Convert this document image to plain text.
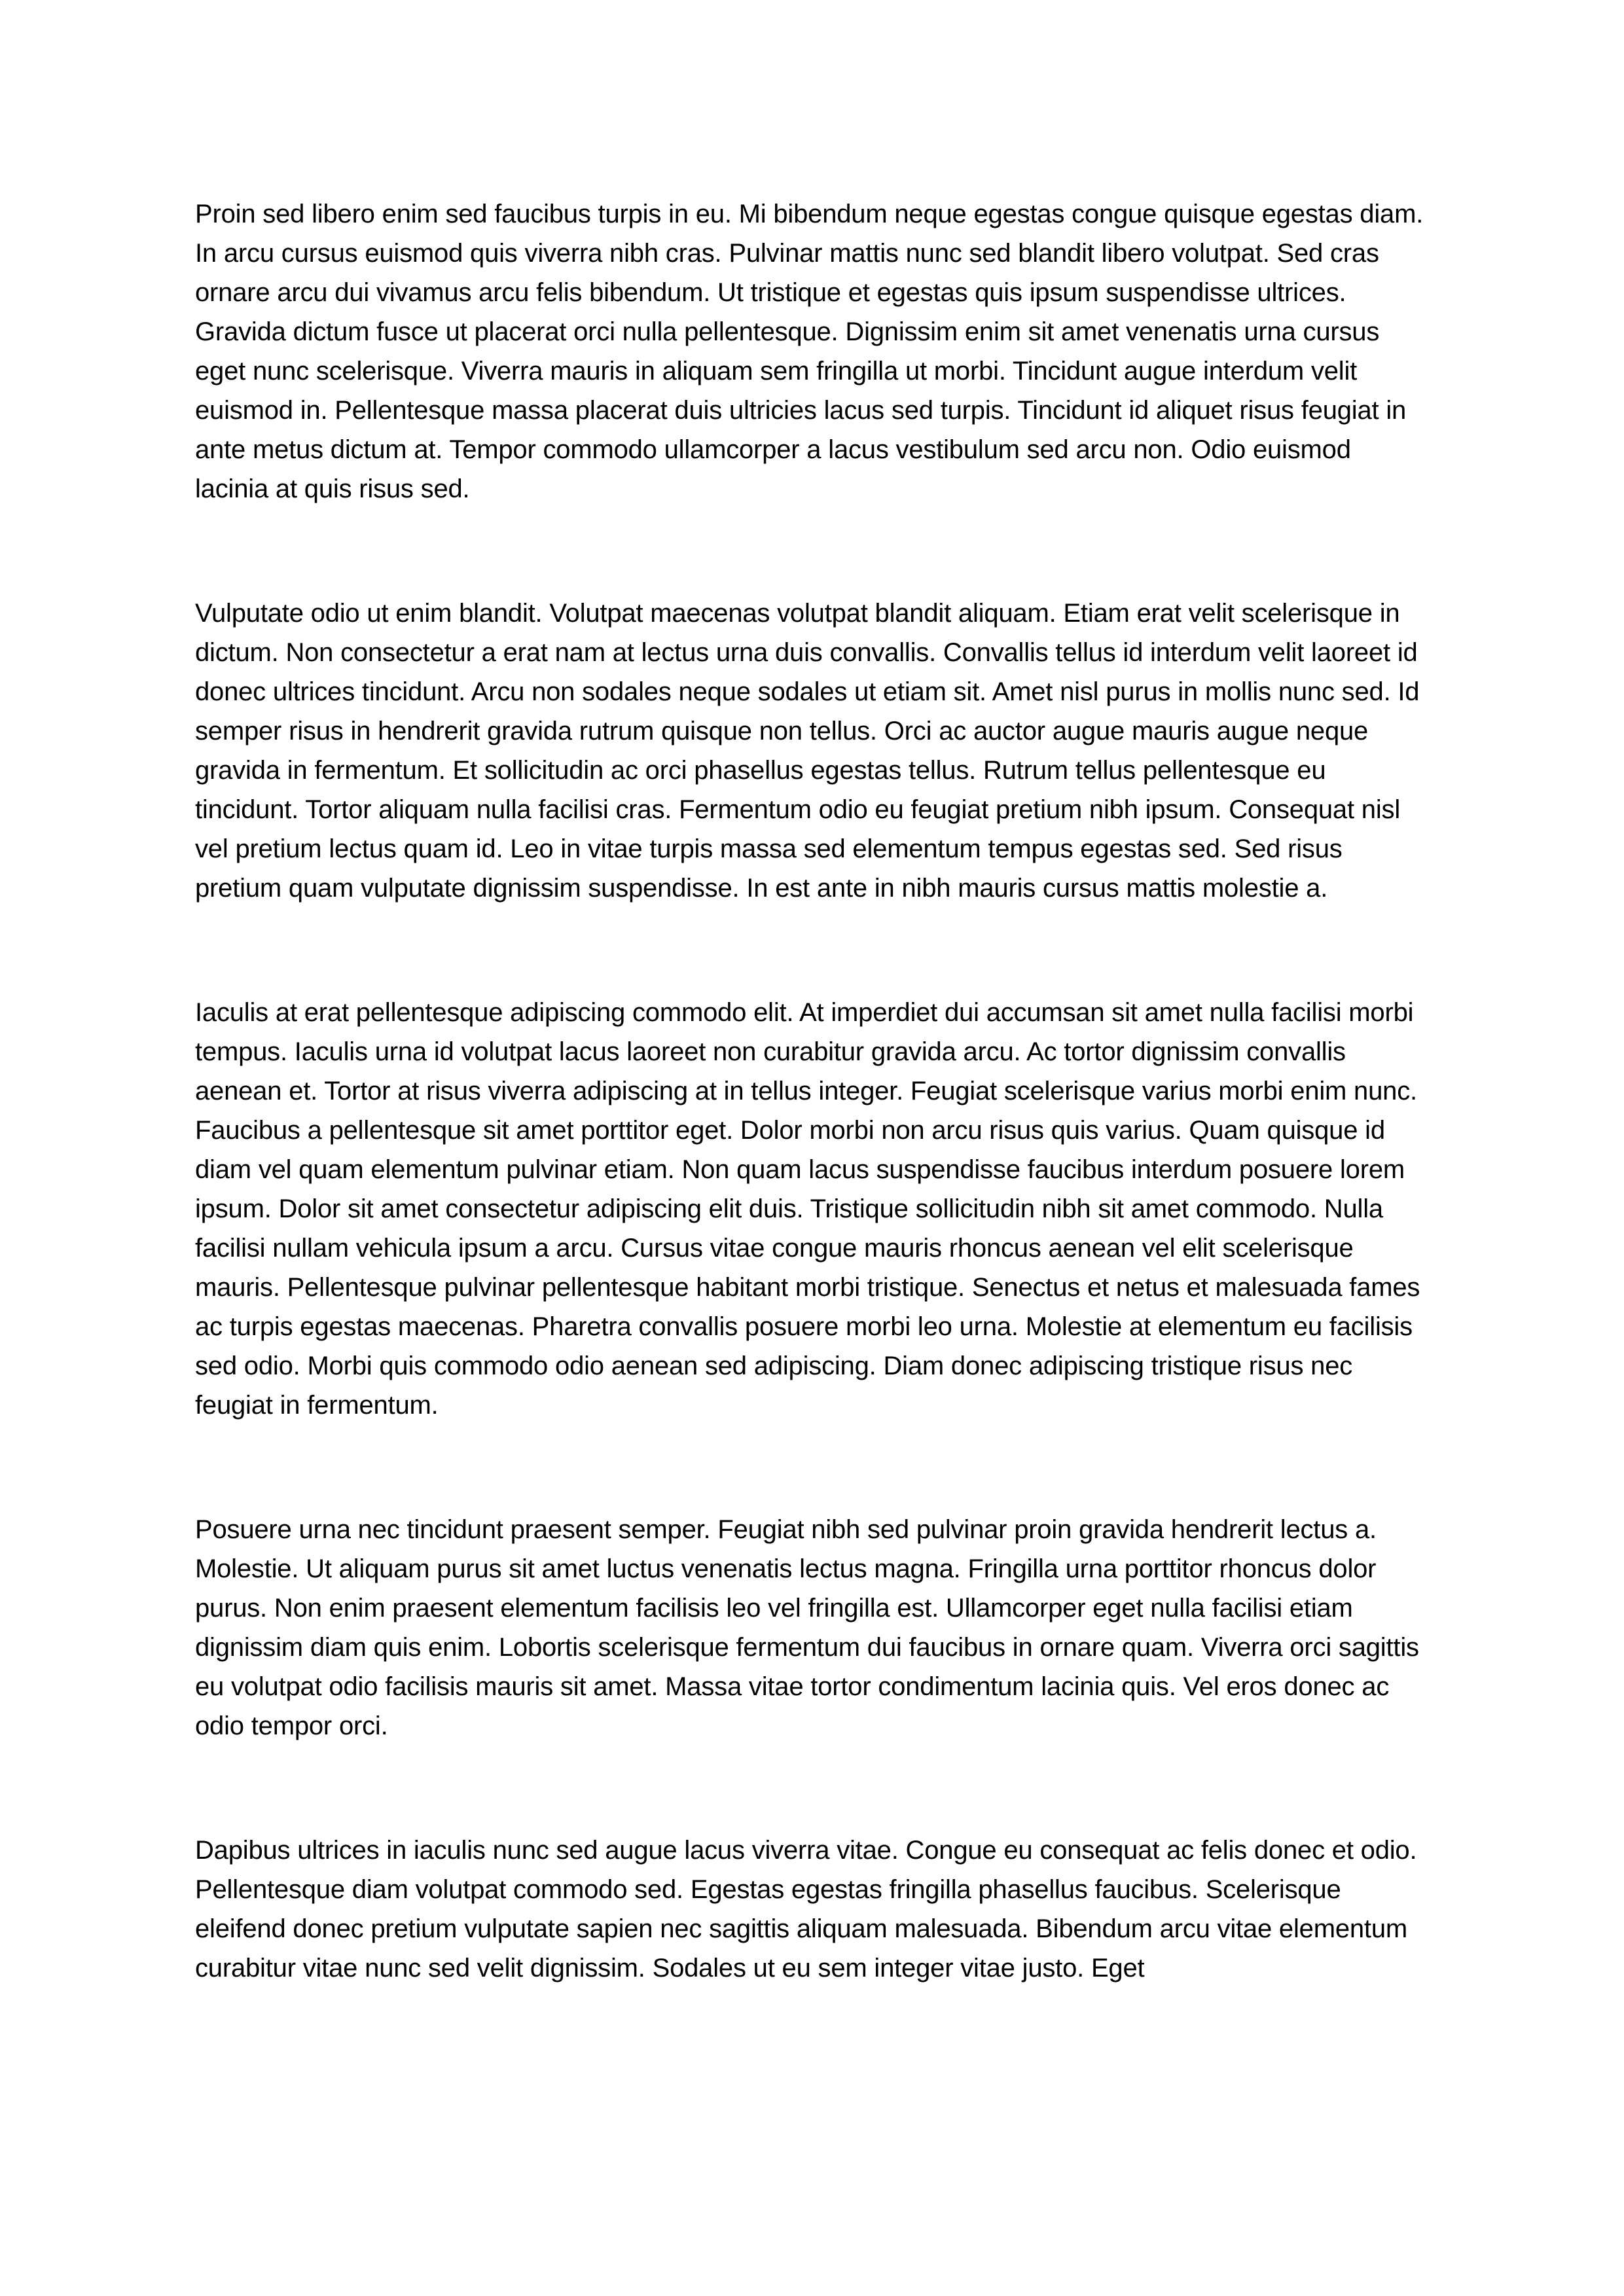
Proin sed libero enim sed faucibus turpis in eu. Mi bibendum neque egestas congue quisque egestas diam. In arcu cursus euismod quis viverra nibh cras. Pulvinar mattis nunc sed blandit libero volutpat. Sed cras ornare arcu dui vivamus arcu felis bibendum. Ut tristique et egestas quis ipsum suspendisse ultrices. Gravida dictum fusce ut placerat orci nulla pellentesque. Dignissim enim sit amet venenatis urna cursus eget nunc scelerisque. Viverra mauris in aliquam sem fringilla ut morbi. Tincidunt augue interdum velit euismod in. Pellentesque massa placerat duis ultricies lacus sed turpis. Tincidunt id aliquet risus feugiat in ante metus dictum at. Tempor commodo ullamcorper a lacus vestibulum sed arcu non. Odio euismod lacinia at quis risus sed.

Vulputate odio ut enim blandit. Volutpat maecenas volutpat blandit aliquam. Etiam erat velit scelerisque in dictum. Non consectetur a erat nam at lectus urna duis convallis. Convallis tellus id interdum velit laoreet id donec ultrices tincidunt. Arcu non sodales neque sodales ut etiam sit. Amet nisl purus in mollis nunc sed. Id semper risus in hendrerit gravida rutrum quisque non tellus. Orci ac auctor augue mauris augue neque gravida in fermentum. Et sollicitudin ac orci phasellus egestas tellus. Rutrum tellus pellentesque eu tincidunt. Tortor aliquam nulla facilisi cras. Fermentum odio eu feugiat pretium nibh ipsum. Consequat nisl vel pretium lectus quam id. Leo in vitae turpis massa sed elementum tempus egestas sed. Sed risus pretium quam vulputate dignissim suspendisse. In est ante in nibh mauris cursus mattis molestie a.

Iaculis at erat pellentesque adipiscing commodo elit. At imperdiet dui accumsan sit amet nulla facilisi morbi tempus. Iaculis urna id volutpat lacus laoreet non curabitur gravida arcu. Ac tortor dignissim convallis aenean et. Tortor at risus viverra adipiscing at in tellus integer. Feugiat scelerisque varius morbi enim nunc. Faucibus a pellentesque sit amet porttitor eget. Dolor morbi non arcu risus quis varius. Quam quisque id diam vel quam elementum pulvinar etiam. Non quam lacus suspendisse faucibus interdum posuere lorem ipsum. Dolor sit amet consectetur adipiscing elit duis. Tristique sollicitudin nibh sit amet commodo. Nulla facilisi nullam vehicula ipsum a arcu. Cursus vitae congue mauris rhoncus aenean vel elit scelerisque mauris. Pellentesque pulvinar pellentesque habitant morbi tristique. Senectus et netus et malesuada fames ac turpis egestas maecenas. Pharetra convallis posuere morbi leo urna. Molestie at elementum eu facilisis sed odio. Morbi quis commodo odio aenean sed adipiscing. Diam donec adipiscing tristique risus nec feugiat in fermentum.

Posuere urna nec tincidunt praesent semper. Feugiat nibh sed pulvinar proin gravida hendrerit lectus a. Molestie. Ut aliquam purus sit amet luctus venenatis lectus magna. Fringilla urna porttitor rhoncus dolor purus. Non enim praesent elementum facilisis leo vel fringilla est. Ullamcorper eget nulla facilisi etiam dignissim diam quis enim. Lobortis scelerisque fermentum dui faucibus in ornare quam. Viverra orci sagittis eu volutpat odio facilisis mauris sit amet. Massa vitae tortor condimentum lacinia quis. Vel eros donec ac odio tempor orci.

Dapibus ultrices in iaculis nunc sed augue lacus viverra vitae. Congue eu consequat ac felis donec et odio. Pellentesque diam volutpat commodo sed. Egestas egestas fringilla phasellus faucibus. Scelerisque eleifend donec pretium vulputate sapien nec sagittis aliquam malesuada. Bibendum arcu vitae elementum curabitur vitae nunc sed velit dignissim. Sodales ut eu sem integer vitae justo. Eget
